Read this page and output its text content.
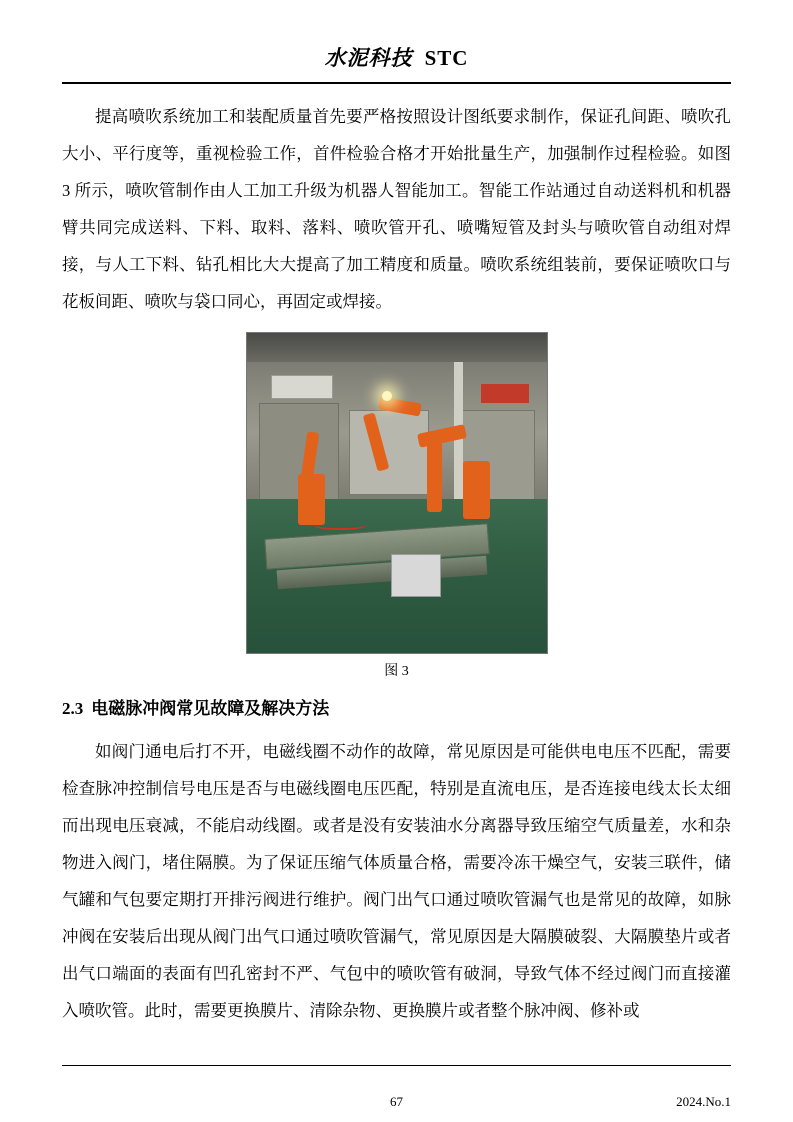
水泥科技 STC

提高喷吹系统加工和装配质量首先要严格按照设计图纸要求制作，保证孔间距、喷吹孔大小、平行度等，重视检验工作，首件检验合格才开始批量生产，加强制作过程检验。如图 3 所示，喷吹管制作由人工加工升级为机器人智能加工。智能工作站通过自动送料机和机器臂共同完成送料、下料、取料、落料、喷吹管开孔、喷嘴短管及封头与喷吹管自动组对焊接，与人工下料、钻孔相比大大提高了加工精度和质量。喷吹系统组装前，要保证喷吹口与花板间距、喷吹与袋口同心，再固定或焊接。

图 3
2.3 电磁脉冲阀常见故障及解决方法

如阀门通电后打不开，电磁线圈不动作的故障，常见原因是可能供电电压不匹配，需要检查脉冲控制信号电压是否与电磁线圈电压匹配，特别是直流电压，是否连接电线太长太细而出现电压衰减，不能启动线圈。或者是没有安装油水分离器导致压缩空气质量差，水和杂物进入阀门，堵住隔膜。为了保证压缩气体质量合格，需要冷冻干燥空气，安装三联件，储气罐和气包要定期打开排污阀进行维护。阀门出气口通过喷吹管漏气也是常见的故障，如脉冲阀在安装后出现从阀门出气口通过喷吹管漏气，常见原因是大隔膜破裂、大隔膜垫片或者出气口端面的表面有凹孔密封不严、气包中的喷吹管有破洞，导致气体不经过阀门而直接灌入喷吹管。此时，需要更换膜片、清除杂物、更换膜片或者整个脉冲阀、修补或

67	2024.No.1
